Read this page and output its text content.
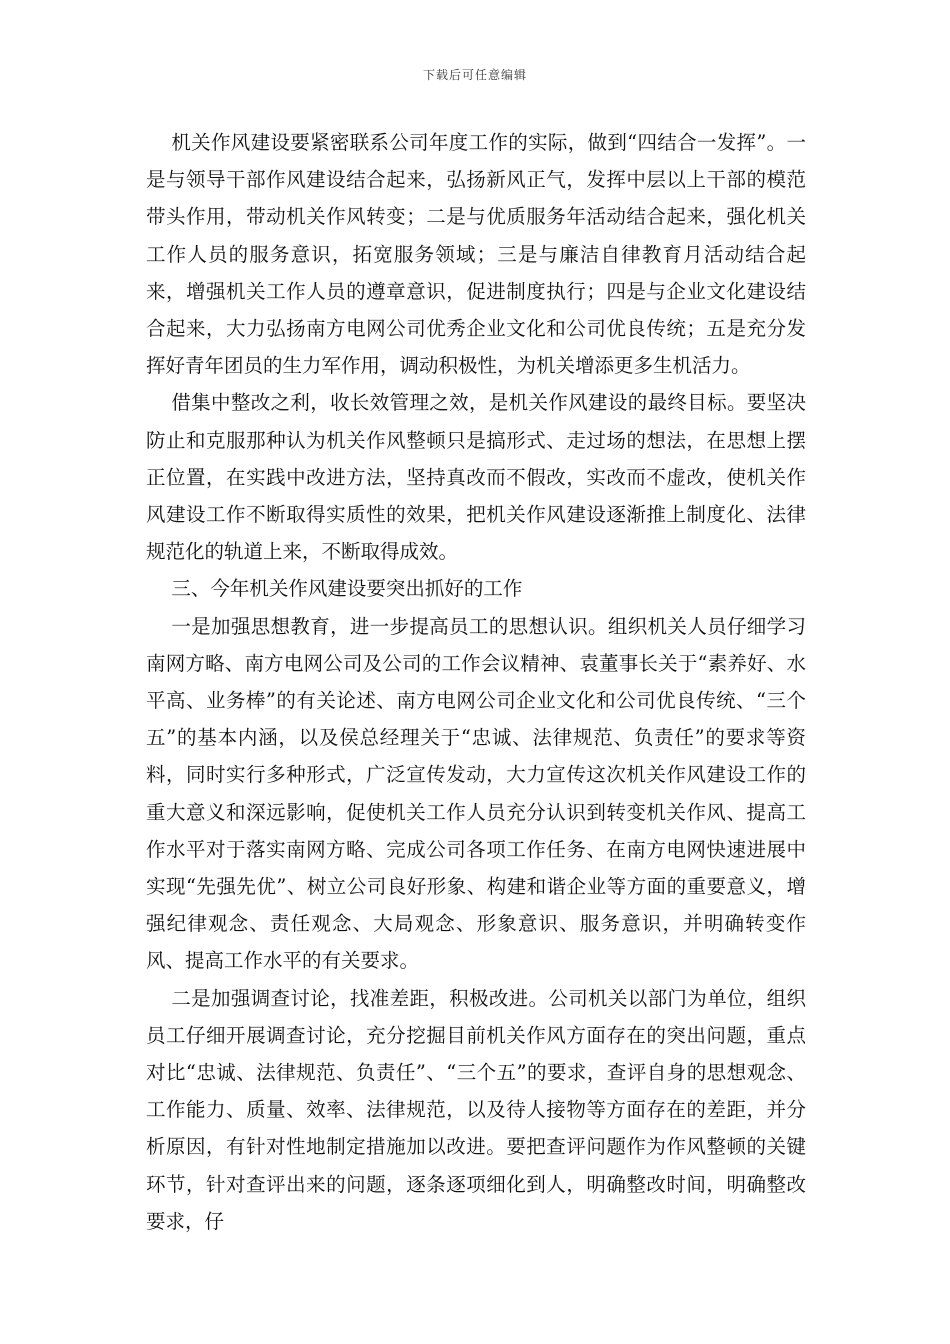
下载后可任意编辑

机关作风建设要紧密联系公司年度工作的实际，做到“四结合一发挥”。一是与领导干部作风建设结合起来，弘扬新风正气，发挥中层以上干部的模范带头作用，带动机关作风转变；二是与优质服务年活动结合起来，强化机关工作人员的服务意识，拓宽服务领域；三是与廉洁自律教育月活动结合起来，增强机关工作人员的遵章意识，促进制度执行；四是与企业文化建设结合起来，大力弘扬南方电网公司优秀企业文化和公司优良传统；五是充分发挥好青年团员的生力军作用，调动积极性，为机关增添更多生机活力。

借集中整改之利，收长效管理之效，是机关作风建设的最终目标。要坚决防止和克服那种认为机关作风整顿只是搞形式、走过场的想法，在思想上摆正位置，在实践中改进方法，坚持真改而不假改，实改而不虚改，使机关作风建设工作不断取得实质性的效果，把机关作风建设逐渐推上制度化、法律规范化的轨道上来，不断取得成效。

三、今年机关作风建设要突出抓好的工作

一是加强思想教育，进一步提高员工的思想认识。组织机关人员仔细学习南网方略、南方电网公司及公司的工作会议精神、袁董事长关于“素养好、水平高、业务棒”的有关论述、南方电网公司企业文化和公司优良传统、“三个五”的基本内涵，以及侯总经理关于“忠诚、法律规范、负责任”的要求等资料，同时实行多种形式，广泛宣传发动，大力宣传这次机关作风建设工作的重大意义和深远影响，促使机关工作人员充分认识到转变机关作风、提高工作水平对于落实南网方略、完成公司各项工作任务、在南方电网快速进展中实现“先强先优”、树立公司良好形象、构建和谐企业等方面的重要意义，增强纪律观念、责任观念、大局观念、形象意识、服务意识，并明确转变作风、提高工作水平的有关要求。

二是加强调查讨论，找准差距，积极改进。公司机关以部门为单位，组织员工仔细开展调查讨论，充分挖掘目前机关作风方面存在的突出问题，重点对比“忠诚、法律规范、负责任”、“三个五”的要求，查评自身的思想观念、工作能力、质量、效率、法律规范，以及待人接物等方面存在的差距，并分析原因，有针对性地制定措施加以改进。要把查评问题作为作风整顿的关键环节，针对查评出来的问题，逐条逐项细化到人，明确整改时间，明确整改要求，仔
